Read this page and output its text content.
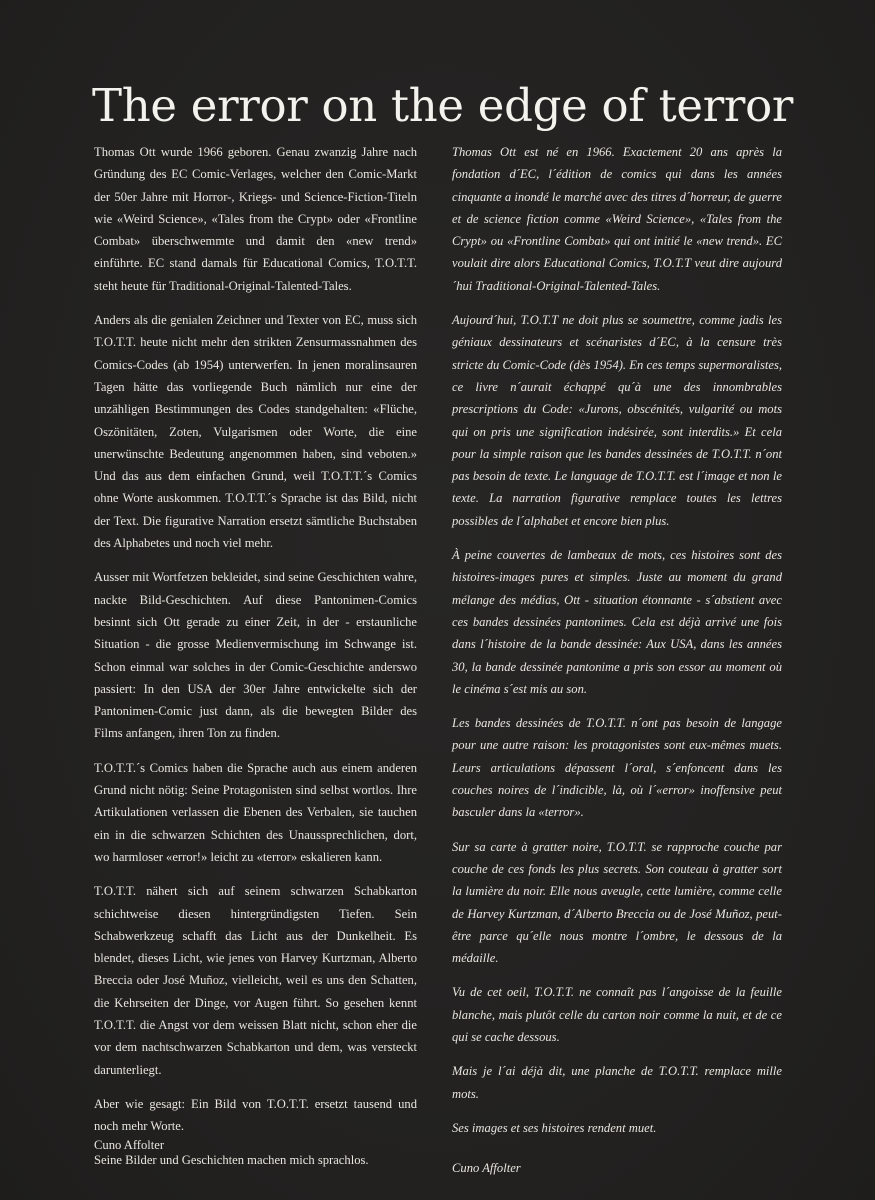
The error on the edge of terror

Thomas Ott wurde 1966 geboren. Genau zwanzig Jahre nach Gründung des EC Comic-Verlages, welcher den Comic-Markt der 50er Jahre mit Horror-, Kriegs- und Science-Fiction-Titeln wie «Weird Science», «Tales from the Crypt» oder «Frontline Combat» überschwemmte und damit den «new trend» einführte. EC stand damals für Educational Comics, T.O.T.T. steht heute für Traditional-Original-Talented-Tales.

Anders als die genialen Zeichner und Texter von EC, muss sich T.O.T.T. heute nicht mehr den strikten Zensurmassnahmen des Comics-Codes (ab 1954) unterwerfen. In jenen moralinsauren Tagen hätte das vorliegende Buch nämlich nur eine der unzähligen Bestimmungen des Codes standgehalten: «Flüche, Oszönitäten, Zoten, Vulgarismen oder Worte, die eine unerwünschte Bedeutung angenommen haben, sind veboten.» Und das aus dem einfachen Grund, weil T.O.T.T.´s Comics ohne Worte auskommen. T.O.T.T.´s Sprache ist das Bild, nicht der Text. Die figurative Narration ersetzt sämtliche Buchstaben des Alphabetes und noch viel mehr.

Ausser mit Wortfetzen bekleidet, sind seine Geschichten wahre, nackte Bild-Geschichten. Auf diese Pantonimen-Comics besinnt sich Ott gerade zu einer Zeit, in der - erstaunliche Situation - die grosse Medienvermischung im Schwange ist. Schon einmal war solches in der Comic-Geschichte anderswo passiert: In den USA der 30er Jahre entwickelte sich der Pantonimen-Comic just dann, als die bewegten Bilder des Films anfangen, ihren Ton zu finden.

T.O.T.T.´s Comics haben die Sprache auch aus einem anderen Grund nicht nötig: Seine Protagonisten sind selbst wortlos. Ihre Artikulationen verlassen die Ebenen des Verbalen, sie tauchen ein in die schwarzen Schichten des Unaussprechlichen, dort, wo harmloser «error!» leicht zu «terror» eskalieren kann.

T.O.T.T. nähert sich auf seinem schwarzen Schabkarton schichtweise diesen hintergründigsten Tiefen. Sein Schabwerkzeug schafft das Licht aus der Dunkelheit. Es blendet, dieses Licht, wie jenes von Harvey Kurtzman, Alberto Breccia oder José Muñoz, vielleicht, weil es uns den Schatten, die Kehrseiten der Dinge, vor Augen führt. So gesehen kennt T.O.T.T. die Angst vor dem weissen Blatt nicht, schon eher die vor dem nachtschwarzen Schabkarton und dem, was versteckt darunterliegt.

Aber wie gesagt: Ein Bild von T.O.T.T. ersetzt tausend und noch mehr Worte.

Seine Bilder und Geschichten machen mich sprachlos.

Thomas Ott est né en 1966. Exactement 20 ans après la fondation d´EC, l´édition de comics qui dans les années cinquante a inondé le marché avec des titres d´horreur, de guerre et de science fiction comme «Weird Science», «Tales from the Crypt» ou «Frontline Combat» qui ont initié le «new trend». EC voulait dire alors Educational Comics, T.O.T.T veut dire aujourd´hui Traditional-Original-Talented-Tales.

Aujourd´hui, T.O.T.T ne doit plus se soumettre, comme jadis les géniaux dessinateurs et scénaristes d´EC, à la censure très stricte du Comic-Code (dès 1954). En ces temps supermoralistes, ce livre n´aurait échappé qu´à une des innombrables prescriptions du Code: «Jurons, obscénités, vulgarité ou mots qui on pris une signification indésirée, sont interdits.» Et cela pour la simple raison que les bandes dessinées de T.O.T.T. n´ont pas besoin de texte. Le language de T.O.T.T. est l´image et non le texte. La narration figurative remplace toutes les lettres possibles de l´alphabet et encore bien plus.

À peine couvertes de lambeaux de mots, ces histoires sont des histoires-images pures et simples. Juste au moment du grand mélange des médias, Ott - situation étonnante - s´abstient avec ces bandes dessinées pantonimes. Cela est déjà arrivé une fois dans l´histoire de la bande dessinée: Aux USA, dans les années 30, la bande dessinée pantonime a pris son essor au moment où le cinéma s´est mis au son.

Les bandes dessinées de T.O.T.T. n´ont pas besoin de langage pour une autre raison: les protagonistes sont eux-mêmes muets. Leurs articulations dépassent l´oral, s´enfoncent dans les couches noires de l´indicible, là, où l´«error» inoffensive peut basculer dans la «terror».

Sur sa carte à gratter noire, T.O.T.T. se rapproche couche par couche de ces fonds les plus secrets. Son couteau à gratter sort la lumière du noir. Elle nous aveugle, cette lumière, comme celle de Harvey Kurtzman, d´Alberto Breccia ou de José Muñoz, peut-être parce qu´elle nous montre l´ombre, le dessous de la médaille.

Vu de cet oeil, T.O.T.T. ne connaît pas l´angoisse de la feuille blanche, mais plutôt celle du carton noir comme la nuit, et de ce qui se cache dessous.

Mais je l´ai déjà dit, une planche de T.O.T.T. remplace mille mots.

Ses images et ses histoires rendent muet.

Cuno Affolter

Cuno Affolter
